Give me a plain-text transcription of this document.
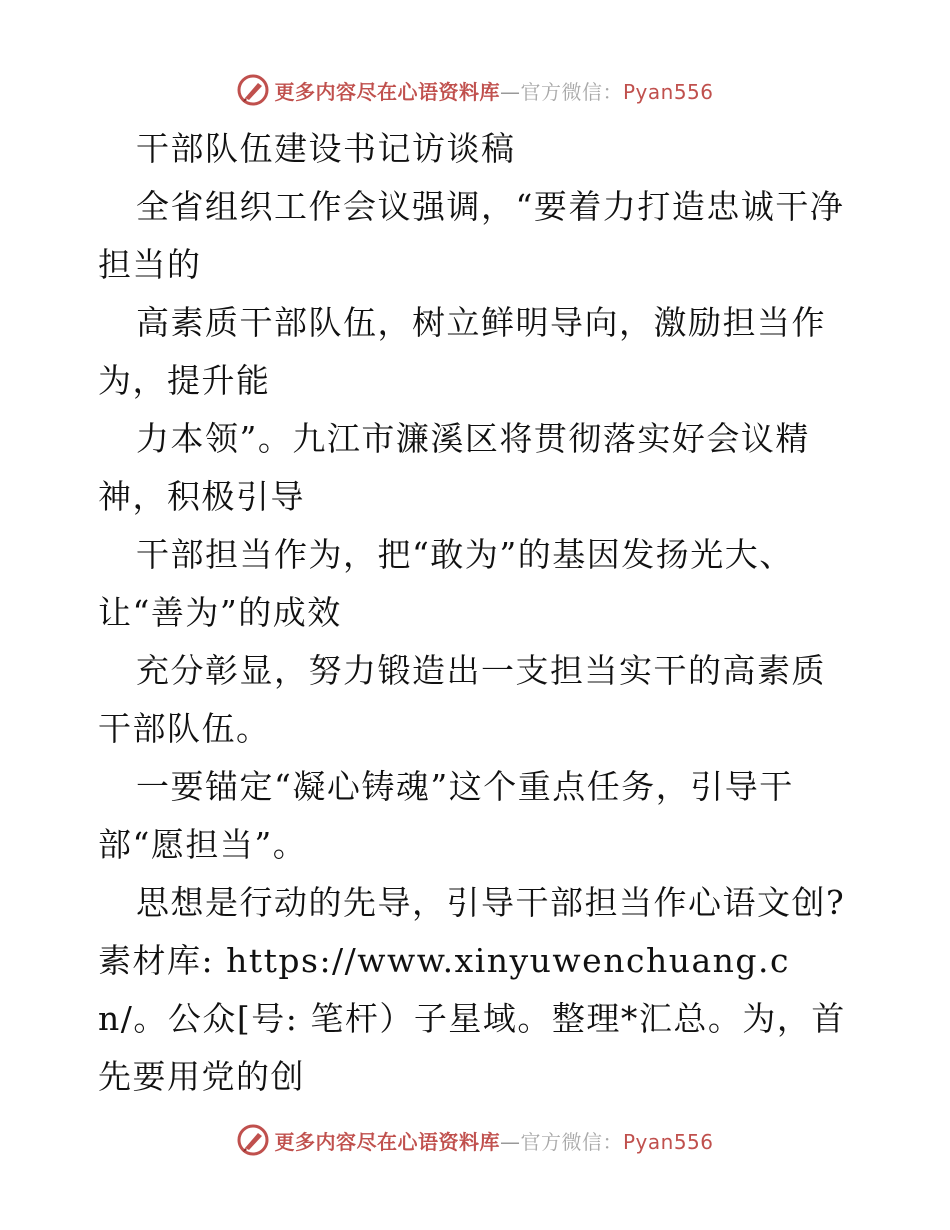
更多内容尽在心语资料库—官方微信：Pyan556

干部队伍建设书记访谈稿

全省组织工作会议强调，“要着力打造忠诚干净担当的

高素质干部队伍，树立鲜明导向，激励担当作为，提升能

力本领”。九江市濂溪区将贯彻落实好会议精神，积极引导

干部担当作为，把“敢为”的基因发扬光大、让“善为”的成效

充分彰显，努力锻造出一支担当实干的高素质干部队伍。

一要锚定“凝心铸魂”这个重点任务，引导干部“愿担当”。

思想是行动的先导，引导干部担当作心语文创?素材库: https://www.xinyuwenchuang.cn/。公众[号: 笔杆）子星域。整理*汇总。为，首先要用党的创

更多内容尽在心语资料库—官方微信：Pyan556
